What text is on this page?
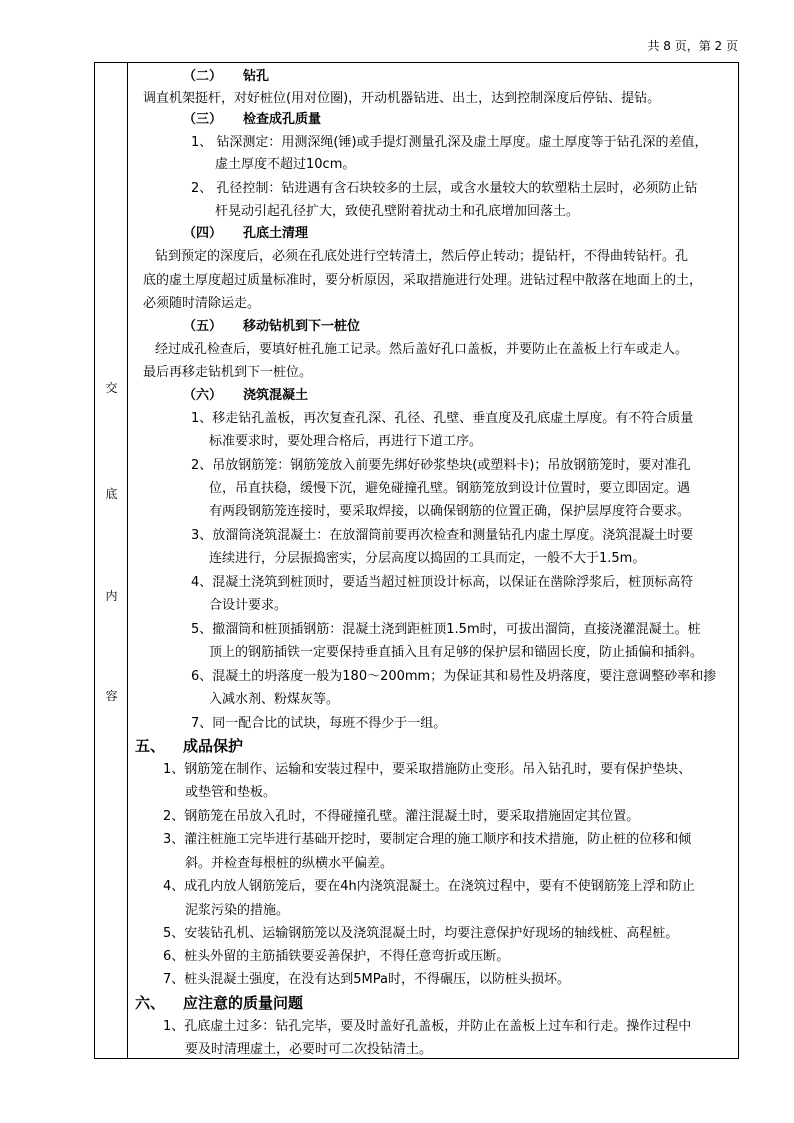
共 8 页，第 2 页
交
底
内
容
（二） 钻孔
调直机架挺杆，对好桩位(用对位圈)，开动机器钻进、出土，达到控制深度后停钻、提钻。
（三） 检查成孔质量
1、 钻深测定：用测深绳(锤)或手提灯测量孔深及虚土厚度。虚土厚度等于钻孔深的差值，
虚土厚度不超过10cm。
2、 孔径控制：钻进遇有含石块较多的土层，或含水量较大的软塑粘土层时，必须防止钻
杆晃动引起孔径扩大，致使孔壁附着扰动土和孔底增加回落土。
（四） 孔底土清理
钻到预定的深度后，必须在孔底处进行空转清土，然后停止转动；提钻杆，不得曲转钻杆。孔
底的虚土厚度超过质量标准时，要分析原因，采取措施进行处理。进钻过程中散落在地面上的土，
必须随时清除运走。
（五） 移动钻机到下一桩位
经过成孔检查后，要填好桩孔施工记录。然后盖好孔口盖板，并要防止在盖板上行车或走人。
最后再移走钻机到下一桩位。
（六） 浇筑混凝土
1、移走钻孔盖板，再次复查孔深、孔径、孔壁、垂直度及孔底虚土厚度。有不符合质量
标准要求时，要处理合格后，再进行下道工序。
2、吊放钢筋笼：钢筋笼放入前要先绑好砂浆垫块(或塑料卡)；吊放钢筋笼时，要对准孔
位，吊直扶稳，缓慢下沉，避免碰撞孔壁。钢筋笼放到设计位置时，要立即固定。遇
有两段钢筋笼连接时，要采取焊接，以确保钢筋的位置正确，保护层厚度符合要求。
3、放溜筒浇筑混凝土：在放溜筒前要再次检查和测量钻孔内虚土厚度。浇筑混凝土时要
连续进行，分层振捣密实，分层高度以捣固的工具而定，一般不大于1.5m。
4、混凝土浇筑到桩顶时，要适当超过桩顶设计标高，以保证在凿除浮浆后，桩顶标高符
合设计要求。
5、撤溜筒和桩顶插钢筋：混凝土浇到距桩顶1.5m时，可拔出溜筒，直接浇灌混凝土。桩
顶上的钢筋插铁一定要保持垂直插入且有足够的保护层和锚固长度，防止插偏和插斜。
6、混凝土的坍落度一般为180～200mm；为保证其和易性及坍落度，要注意调整砂率和掺
入减水剂、粉煤灰等。
7、同一配合比的试块，每班不得少于一组。
五、 成品保护
1、钢筋笼在制作、运输和安装过程中，要采取措施防止变形。吊入钻孔时，要有保护垫块、
或垫管和垫板。
2、钢筋笼在吊放入孔时，不得碰撞孔壁。灌注混凝土时，要采取措施固定其位置。
3、灌注桩施工完毕进行基础开挖时，要制定合理的施工顺序和技术措施，防止桩的位移和倾
斜。并检查每根桩的纵横水平偏差。
4、成孔内放人钢筋笼后，要在4h内浇筑混凝土。在浇筑过程中，要有不使钢筋笼上浮和防止
泥浆污染的措施。
5、安装钻孔机、运输钢筋笼以及浇筑混凝土时，均要注意保护好现场的轴线桩、高程桩。
6、桩头外留的主筋插铁要妥善保护，不得任意弯折或压断。
7、桩头混凝土强度，在没有达到5MPa时，不得碾压，以防桩头损坏。
六、 应注意的质量问题
1、孔底虚土过多：钻孔完毕，要及时盖好孔盖板，并防止在盖板上过车和行走。操作过程中
要及时清理虚土，必要时可二次投钻清土。
